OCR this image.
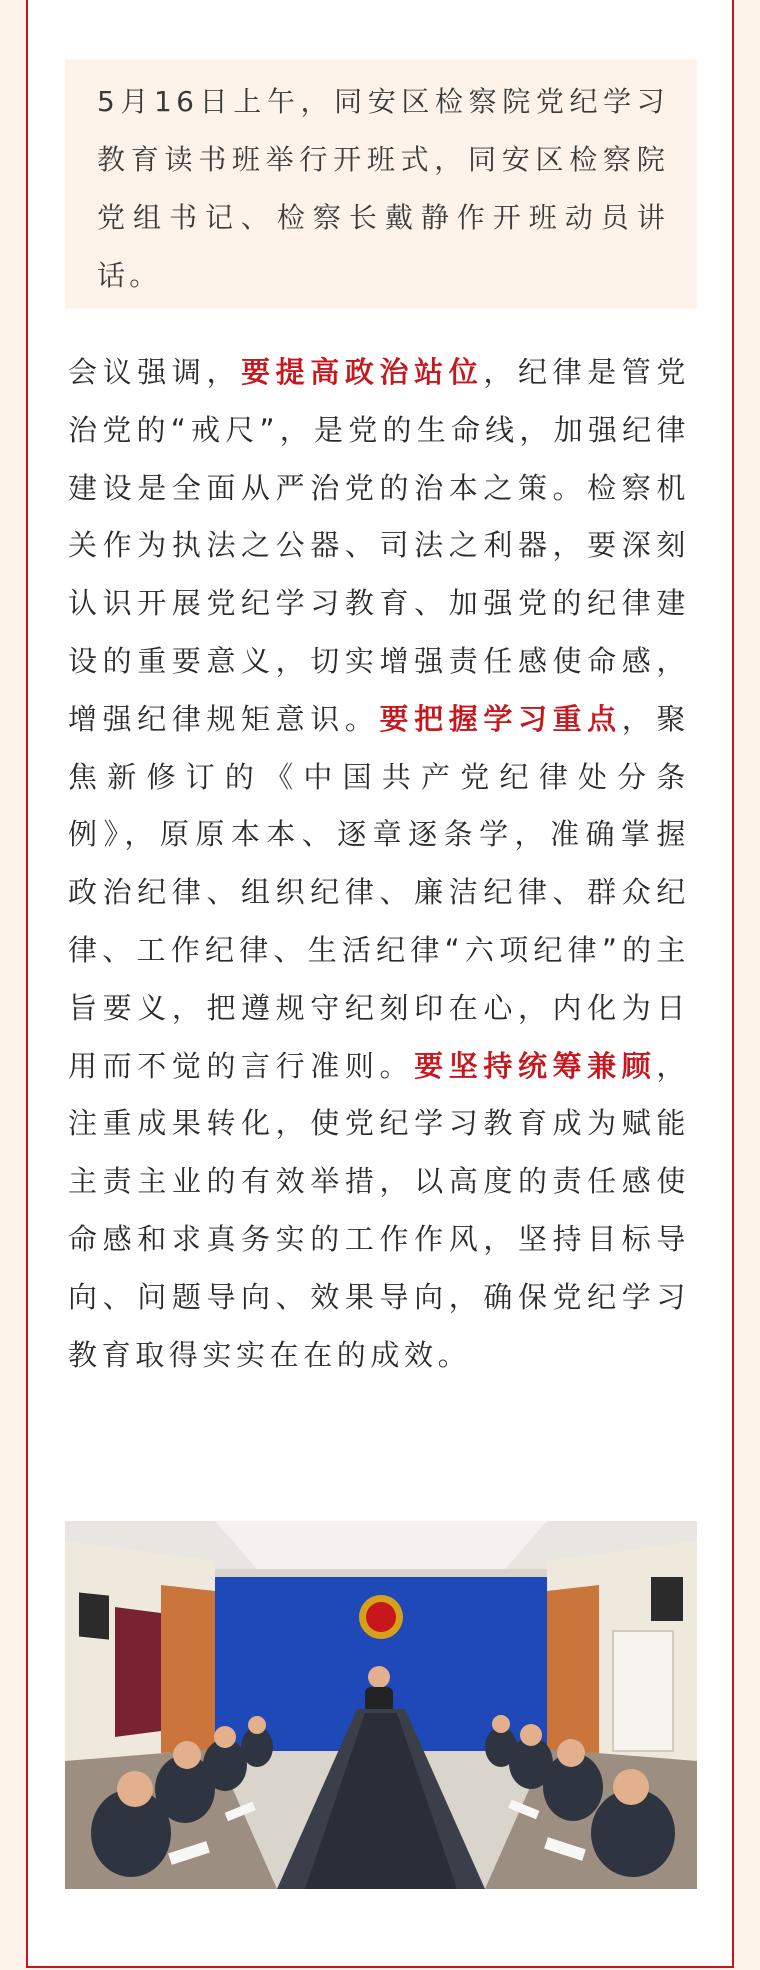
5月16日上午，同安区检察院党纪学习教育读书班举行开班式，同安区检察院党组书记、检察长戴静作开班动员讲话。

会议强调，要提高政治站位，纪律是管党治党的“戒尺”，是党的生命线，加强纪律建设是全面从严治党的治本之策。检察机关作为执法之公器、司法之利器，要深刻认识开展党纪学习教育、加强党的纪律建设的重要意义，切实增强责任感使命感，增强纪律规矩意识。要把握学习重点，聚焦新修订的《中国共产党纪律处分条例》，原原本本、逐章逐条学，准确掌握政治纪律、组织纪律、廉洁纪律、群众纪律、工作纪律、生活纪律“六项纪律”的主旨要义，把遵规守纪刻印在心，内化为日用而不觉的言行准则。要坚持统筹兼顾，注重成果转化，使党纪学习教育成为赋能主责主业的有效举措，以高度的责任感使命感和求真务实的工作作风，坚持目标导向、问题导向、效果导向，确保党纪学习教育取得实实在在的成效。
